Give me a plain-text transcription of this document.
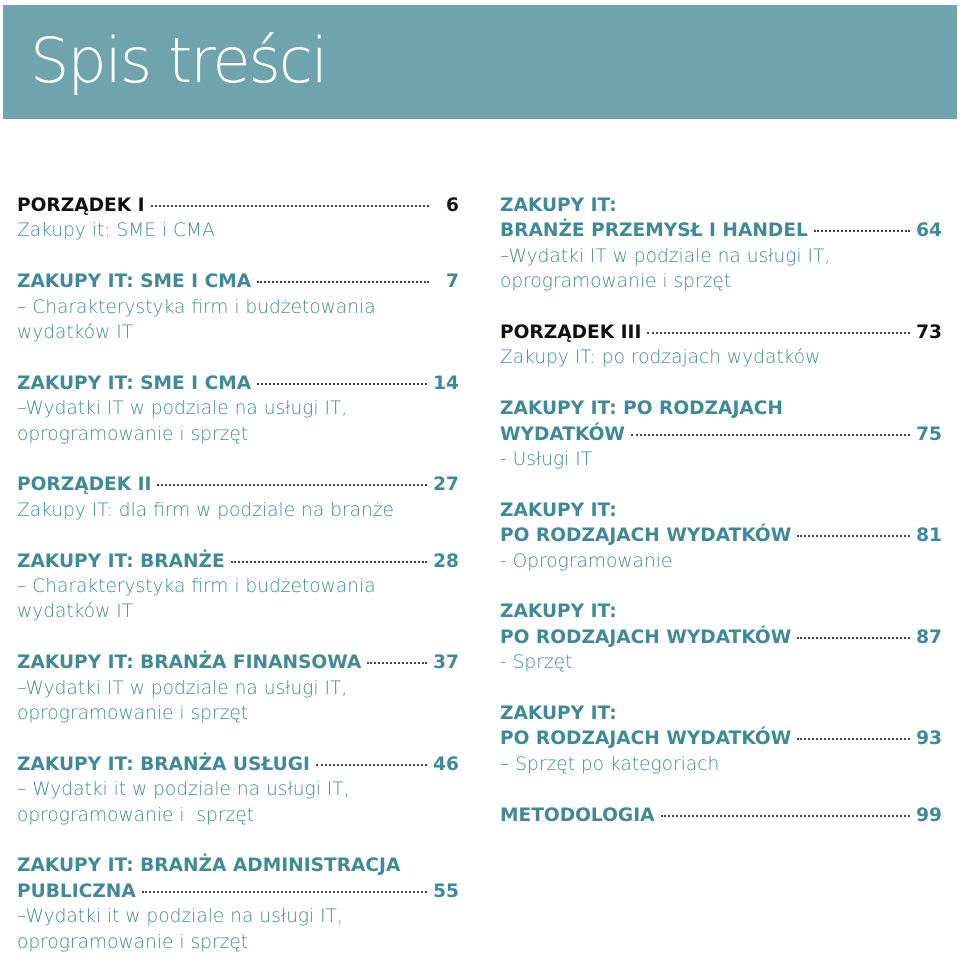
Spis treści
PORZĄDEK I	6
Zakupy it: SME i CMA
ZAKUPY IT: SME I CMA	7
– Charakterystyka firm i budżetowania
wydatków IT
ZAKUPY IT: SME I CMA	14
–Wydatki IT w podziale na usługi IT,
oprogramowanie i sprzęt
PORZĄDEK II	27
Zakupy IT: dla firm w podziale na branże
ZAKUPY IT: BRANŻE	28
– Charakterystyka firm i budżetowania
wydatków IT
ZAKUPY IT: BRANŻA FINANSOWA	37
–Wydatki IT w podziale na usługi IT,
oprogramowanie i sprzęt
ZAKUPY IT: BRANŻA USŁUGI	46
– Wydatki it w podziale na usługi IT,
oprogramowanie i  sprzęt
ZAKUPY IT: BRANŻA ADMINISTRACJA
PUBLICZNA	55
–Wydatki it w podziale na usługi IT,
oprogramowanie i sprzęt
ZAKUPY IT:
BRANŻE PRZEMYSŁ I HANDEL	64
–Wydatki IT w podziale na usługi IT,
oprogramowanie i sprzęt
PORZĄDEK III	73
Zakupy IT: po rodzajach wydatków
ZAKUPY IT: PO RODZAJACH
WYDATKÓW	75
- Usługi IT
ZAKUPY IT:
PO RODZAJACH WYDATKÓW	81
- Oprogramowanie
ZAKUPY IT:
PO RODZAJACH WYDATKÓW	87
- Sprzęt
ZAKUPY IT:
PO RODZAJACH WYDATKÓW	93
– Sprzęt po kategoriach
METODOLOGIA	99
